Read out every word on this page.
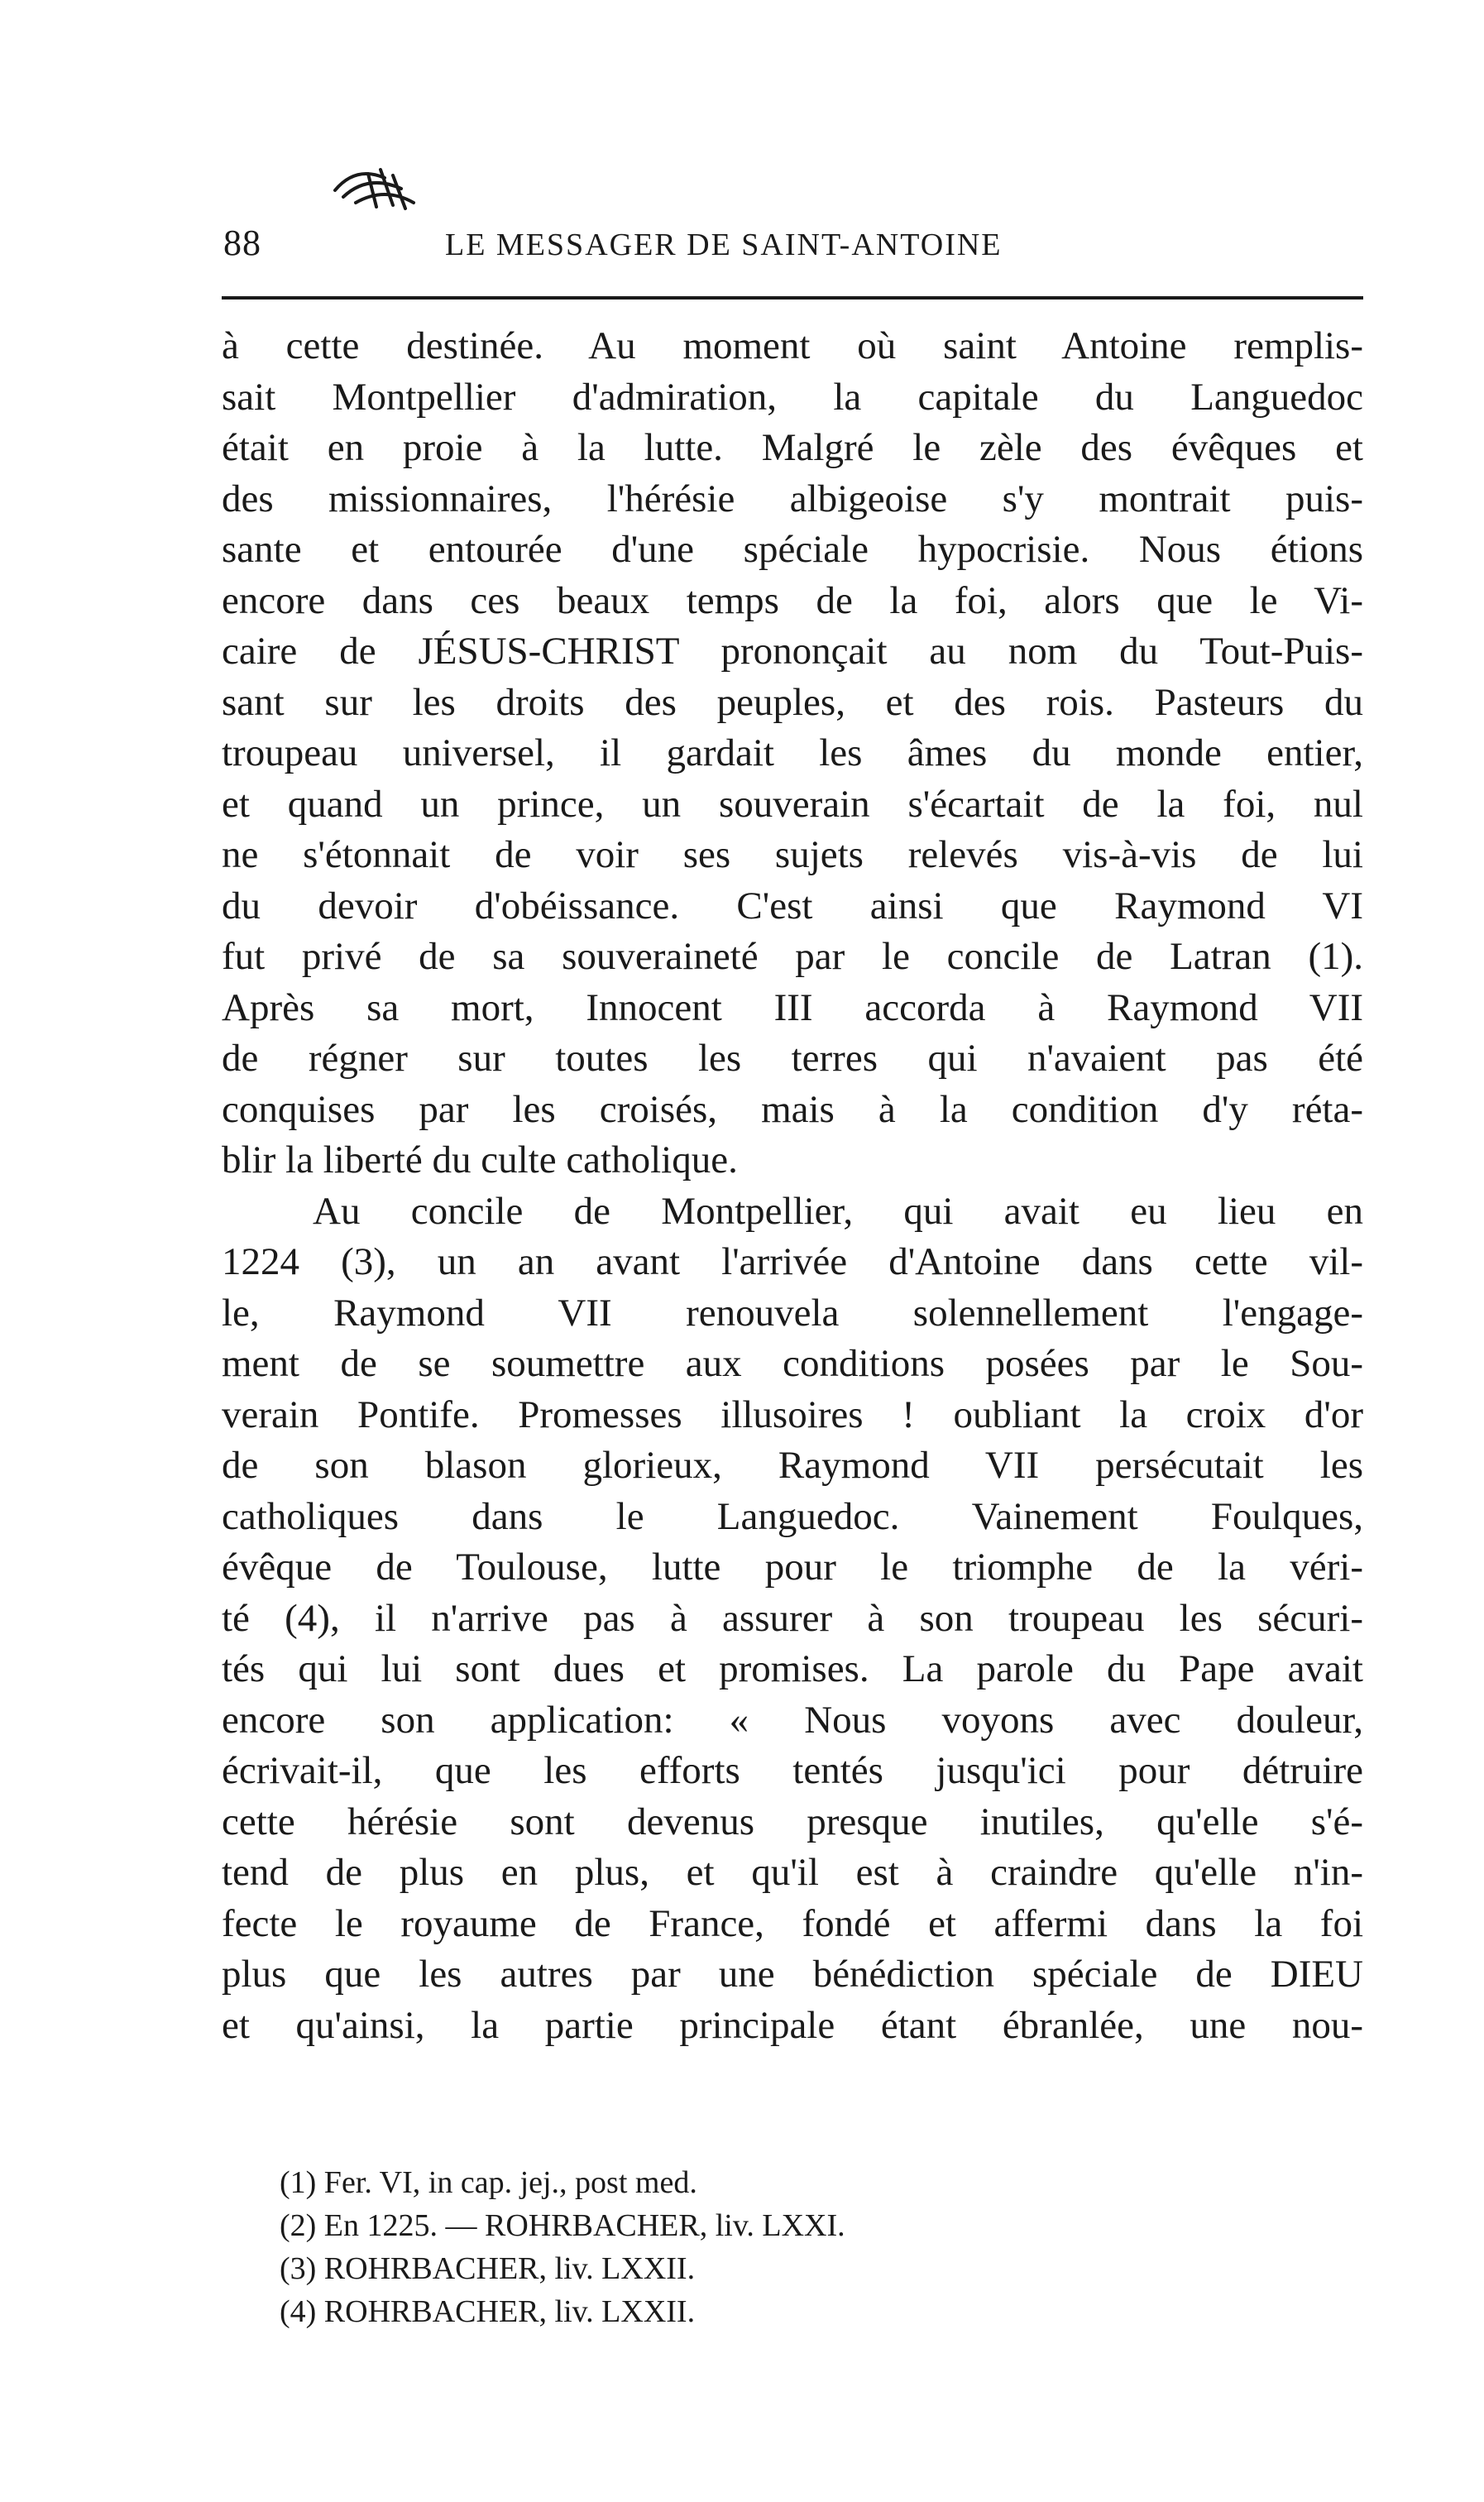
88	LE MESSAGER DE SAINT-ANTOINE
à cette destinée. Au moment où saint Antoine remplis-
sait Montpellier d'admiration, la capitale du Languedoc
était en proie à la lutte. Malgré le zèle des évêques et
des missionnaires, l'hérésie albigeoise s'y montrait puis-
sante et entourée d'une spéciale hypocrisie. Nous étions
encore dans ces beaux temps de la foi, alors que le Vi-
caire de JÉSUS-CHRIST prononçait au nom du Tout-Puis-
sant sur les droits des peuples, et des rois. Pasteurs du
troupeau universel, il gardait les âmes du monde entier,
et quand un prince, un souverain s'écartait de la foi, nul
ne s'étonnait de voir ses sujets relevés vis-à-vis de lui
du devoir d'obéissance. C'est ainsi que Raymond VI
fut privé de sa souveraineté par le concile de Latran (1).
Après sa mort, Innocent III accorda à Raymond VII
de régner sur toutes les terres qui n'avaient pas été
conquises par les croisés, mais à la condition d'y réta-
blir la liberté du culte catholique.
Au concile de Montpellier, qui avait eu lieu en
1224 (3), un an avant l'arrivée d'Antoine dans cette vil-
le, Raymond VII renouvela solennellement l'engage-
ment de se soumettre aux conditions posées par le Sou-
verain Pontife. Promesses illusoires ! oubliant la croix d'or
de son blason glorieux, Raymond VII persécutait les
catholiques dans le Languedoc. Vainement Foulques,
évêque de Toulouse, lutte pour le triomphe de la véri-
té (4), il n'arrive pas à assurer à son troupeau les sécuri-
tés qui lui sont dues et promises. La parole du Pape avait
encore son application: « Nous voyons avec douleur,
écrivait-il, que les efforts tentés jusqu'ici pour détruire
cette hérésie sont devenus presque inutiles, qu'elle s'é-
tend de plus en plus, et qu'il est à craindre qu'elle n'in-
fecte le royaume de France, fondé et affermi dans la foi
plus que les autres par une bénédiction spéciale de DIEU
et qu'ainsi, la partie principale étant ébranlée, une nou-
(1) Fer. VI, in cap. jej., post med.
(2) En 1225. — ROHRBACHER, liv. LXXI.
(3) ROHRBACHER, liv. LXXII.
(4) ROHRBACHER, liv. LXXII.
